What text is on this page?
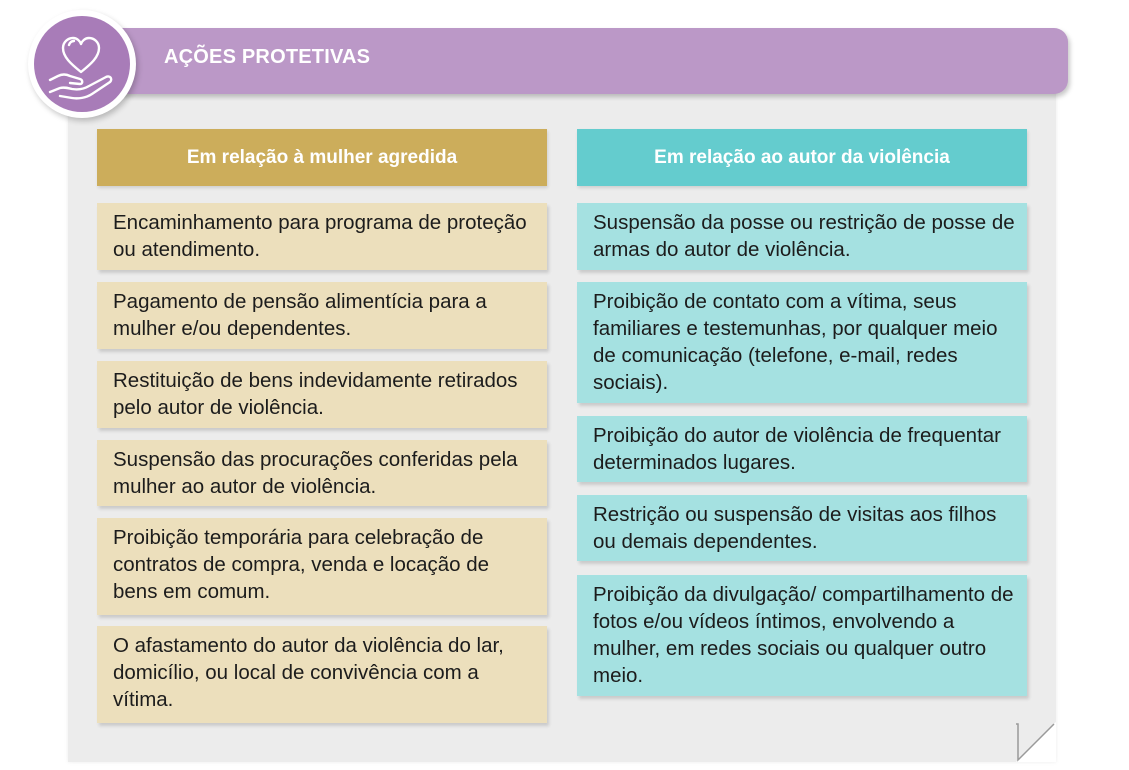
AÇÕES PROTETIVAS
Em relação à mulher agredida	Em relação ao autor da violência
Encaminhamento para programa de proteção ou atendimento.
Pagamento de pensão alimentícia para a mulher e/ou dependentes.
Restituição de bens indevidamente retirados pelo autor de violência.
Suspensão das procurações conferidas pela mulher ao autor de violência.
Proibição temporária para celebração de contratos de compra, venda e locação de bens em comum.
O afastamento do autor da violência do lar, domicílio, ou local de convivência com a vítima.
Suspensão da posse ou restrição de posse de armas do autor de violência.
Proibição de contato com a vítima, seus familiares e testemunhas, por qualquer meio de comunicação (telefone, e-mail, redes sociais).
Proibição do autor de violência de frequentar determinados lugares.
Restrição ou suspensão de visitas aos filhos ou demais dependentes.
Proibição da divulgação/ compartilhamento de fotos e/ou vídeos íntimos, envolvendo a mulher, em redes sociais ou qualquer outro meio.
